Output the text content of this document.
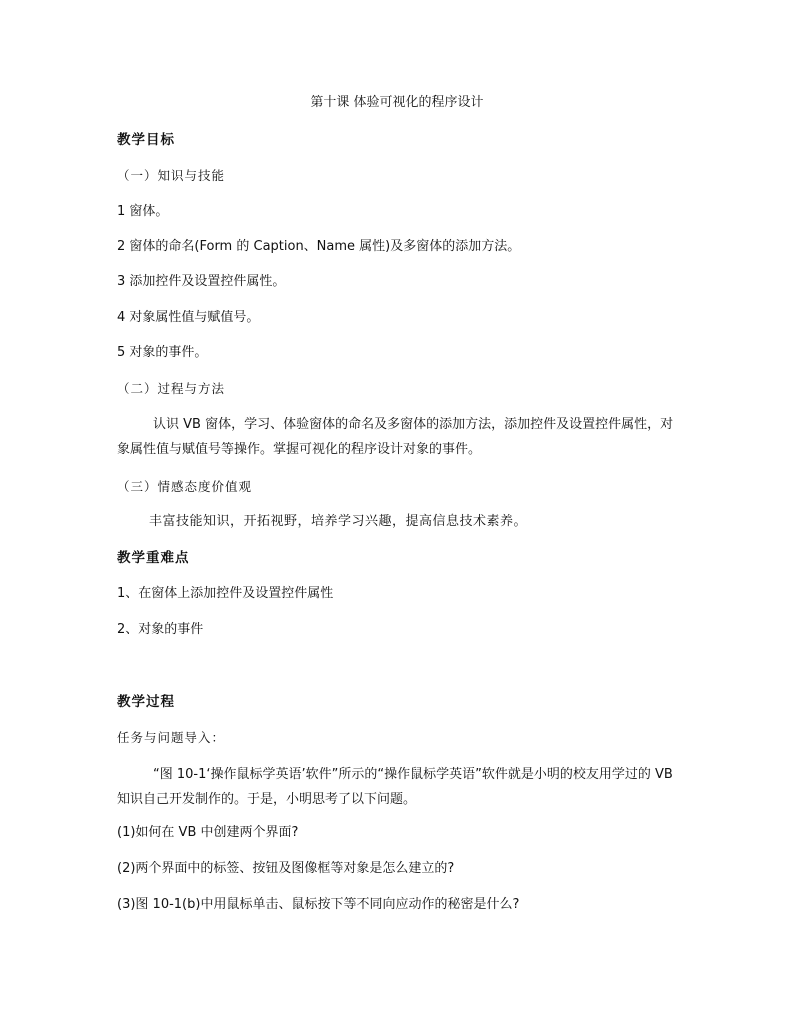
第十课 体验可视化的程序设计
教学目标
（一）知识与技能
1 窗体。
2 窗体的命名(Form 的 Caption、Name 属性)及多窗体的添加方法。
3 添加控件及设置控件属性。
4 对象属性值与赋值号。
5 对象的事件。
（二）过程与方法
认识 VB 窗体，学习、体验窗体的命名及多窗体的添加方法，添加控件及设置控件属性，对象属性值与赋值号等操作。掌握可视化的程序设计对象的事件。
（三）情感态度价值观
丰富技能知识，开拓视野，培养学习兴趣，提高信息技术素养。
教学重难点
1、在窗体上添加控件及设置控件属性
2、对象的事件
教学过程
任务与问题导入：
“图 10-1‘操作鼠标学英语’软件”所示的“操作鼠标学英语”软件就是小明的校友用学过的 VB 知识自己开发制作的。于是，小明思考了以下问题。
(1)如何在 VB 中创建两个界面?
(2)两个界面中的标签、按钮及图像框等对象是怎么建立的?
(3)图 10-1(b)中用鼠标单击、鼠标按下等不同向应动作的秘密是什么?
